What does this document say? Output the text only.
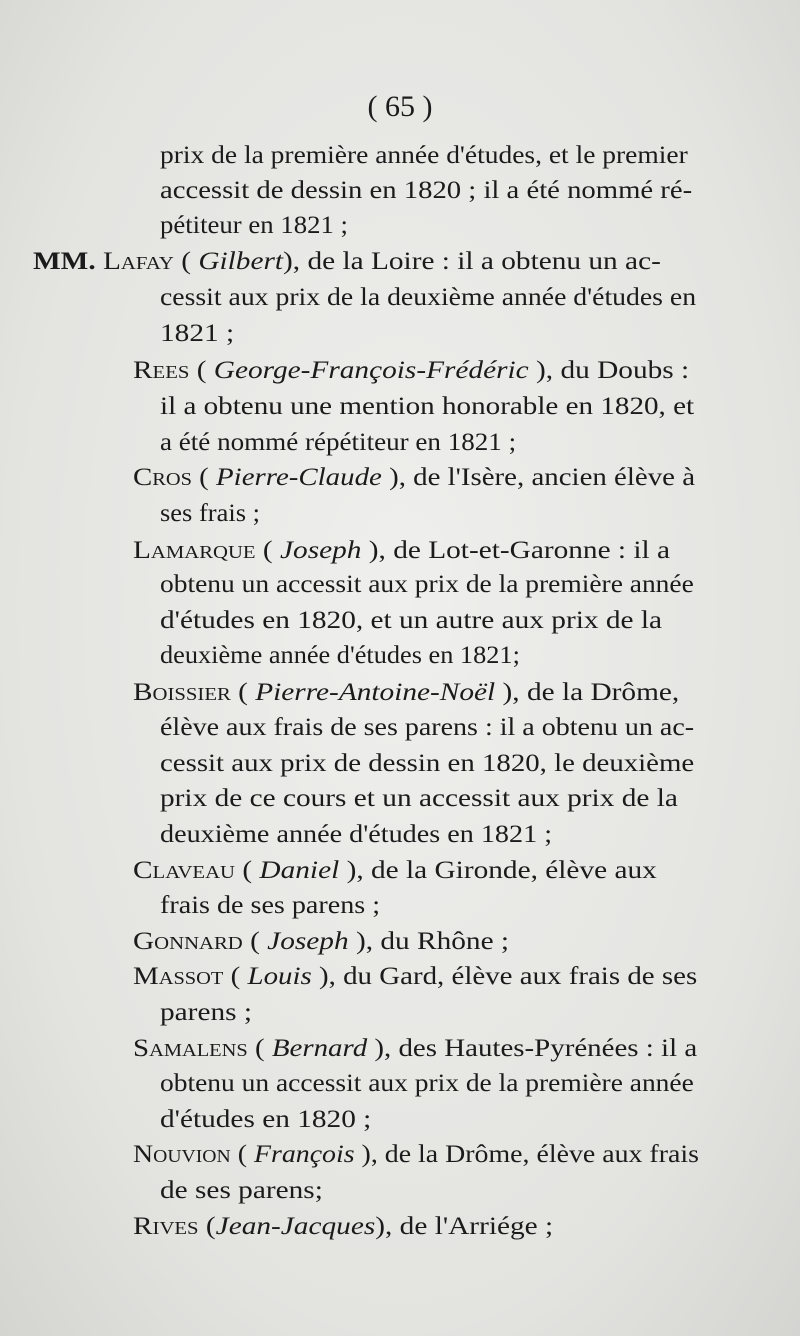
( 65 )
prix de la première année d'études, et le premier
accessit de dessin en 1820 ; il a été nommé ré-
pétiteur en 1821 ;
MM. Lafay ( Gilbert), de la Loire : il a obtenu un ac-
cessit aux prix de la deuxième année d'études en
1821 ;
Rees ( George-François-Frédéric ), du Doubs :
il a obtenu une mention honorable en 1820, et
a été nommé répétiteur en 1821 ;
Cros ( Pierre-Claude ), de l'Isère, ancien élève à
ses frais ;
Lamarque ( Joseph ), de Lot-et-Garonne : il a
obtenu un accessit aux prix de la première année
d'études en 1820, et un autre aux prix de la
deuxième année d'études en 1821;
Boissier ( Pierre-Antoine-Noël ), de la Drôme,
élève aux frais de ses parens : il a obtenu un ac-
cessit aux prix de dessin en 1820, le deuxième
prix de ce cours et un accessit aux prix de la
deuxième année d'études en 1821 ;
Claveau ( Daniel ), de la Gironde, élève aux
frais de ses parens ;
Gonnard ( Joseph ), du Rhône ;
Massot ( Louis ), du Gard, élève aux frais de ses
parens ;
Samalens ( Bernard ), des Hautes-Pyrénées : il a
obtenu un accessit aux prix de la première année
d'études en 1820 ;
Nouvion ( François ), de la Drôme, élève aux frais
de ses parens;
Rives (Jean-Jacques), de l'Arriége ;
